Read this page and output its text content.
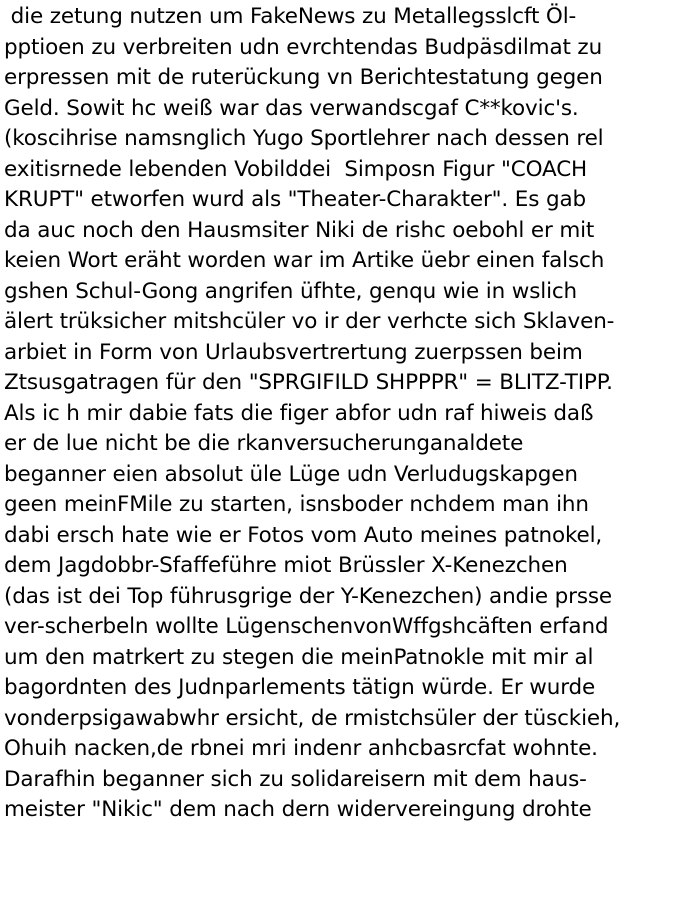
die zetung nutzen um FakeNews zu Metallegsslcft Öl-
pptioen zu verbreiten udn evrchtendas Budpäsdilmat zu
erpressen mit de ruterückung vn Berichtestatung gegen
Geld. Sowit hc weiß war das verwandscgaf C**kovic's.
(koscihrise namsnglich Yugo Sportlehrer nach dessen rel
exitisrnede lebenden Vobilddei  Simposn Figur "COACH
KRUPT" etworfen wurd als "Theater-Charakter". Es gab
da auc noch den Hausmsiter Niki de rishc oebohl er mit
keien Wort eräht worden war im Artike üebr einen falsch
gshen Schul-Gong angrifen üfhte, genqu wie in wslich
älert trüksicher mitshcüler vo ir der verhcte sich Sklaven-
arbiet in Form von Urlaubsvertrertung zuerpssen beim
Ztsusgatragen für den "SPRGIFILD SHPPPR" = BLITZ-TIPP.
Als ic h mir dabie fats die figer abfor udn raf hiweis daß
er de lue nicht be die rkanversucherunganaldete
beganner eien absolut üle Lüge udn Verludugskapgen
geen meinFMile zu starten, isnsboder nchdem man ihn
dabi ersch hate wie er Fotos vom Auto meines patnokel,
dem Jagdobbr-Sfaffeführe miot Brüssler X-Kenezchen
(das ist dei Top führusgrige der Y-Kenezchen) andie prsse
ver-scherbeln wollte LügenschenvonWffgshcäften erfand
um den matrkert zu stegen die meinPatnokle mit mir al
bagordnten des Judnparlements tätign würde. Er wurde
vonderpsigawabwhr ersicht, de rmistchsüler der tüsckieh,
Ohuih nacken,de rbnei mri indenr anhcbasrcfat wohnte.
Darafhin beganner sich zu solidareisern mit dem haus-
meister "Nikic" dem nach dern widervereingung drohte
